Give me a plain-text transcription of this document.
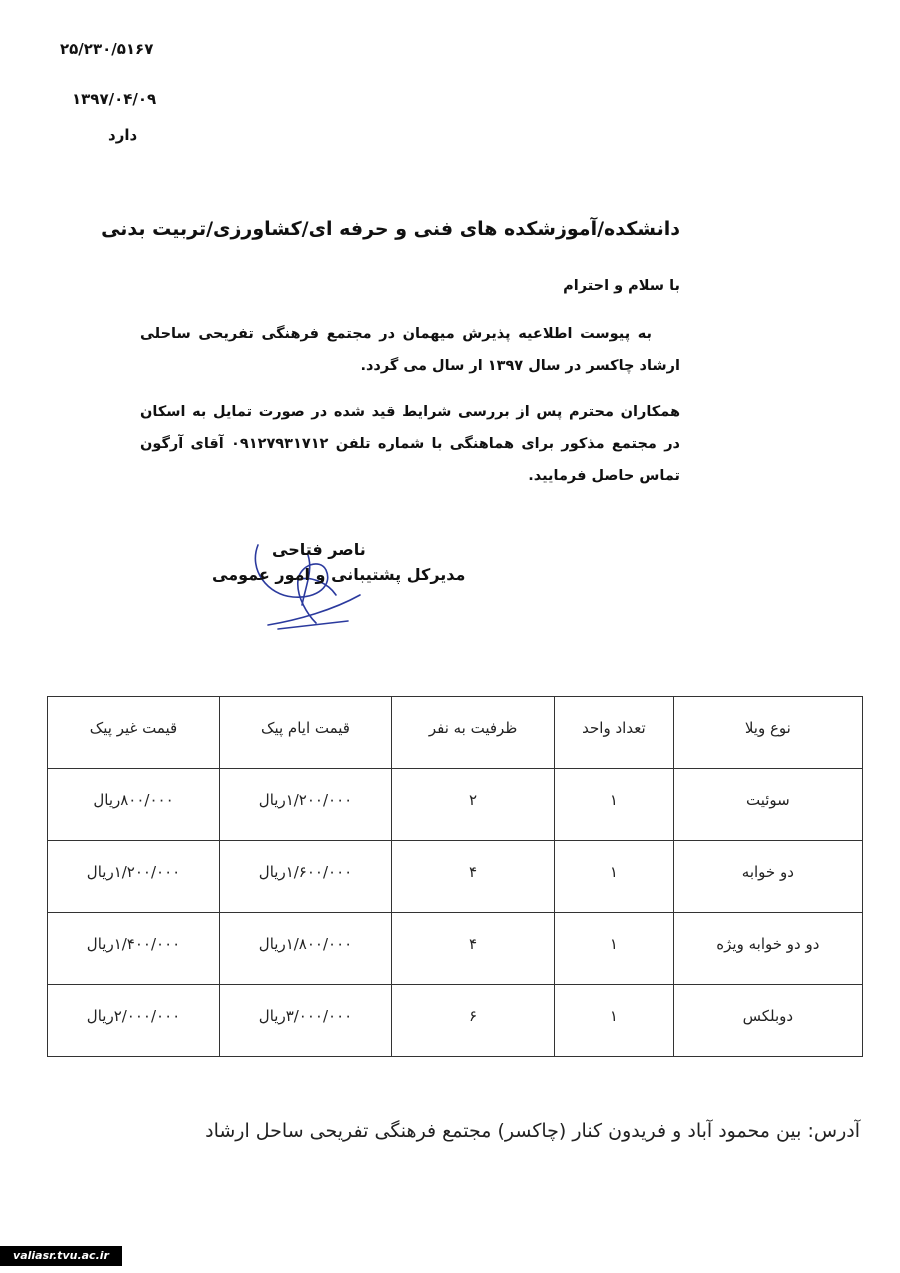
۲۵/۲۳۰/۵۱۶۷
۱۳۹۷/۰۴/۰۹
دارد
دانشکده/آموزشکده های فنی و حرفه ای/کشاورزی/تربیت بدنی
با سلام و احترام
به پیوست اطلاعیه پذیرش میهمان در مجتمع فرهنگی تفریحی ساحلی ارشاد چاکسر در سال ۱۳۹۷ ار سال می گردد.
همکاران محترم پس از بررسی شرایط قید شده در صورت تمایل به اسکان در مجتمع مذکور برای هماهنگی با شماره تلفن ۰۹۱۲۷۹۳۱۷۱۲ آقای آرگون تماس حاصل فرمایید.
ناصر فتاحی
مدیرکل پشتیبانی و امور عمومی
نوع ویلا	تعداد واحد	ظرفیت به نفر	قیمت ایام پیک	قیمت غیر پیک
سوئیت	۱	۲	۱/۲۰۰/۰۰۰ریال	۸۰۰/۰۰۰ریال
دو خوابه	۱	۴	۱/۶۰۰/۰۰۰ریال	۱/۲۰۰/۰۰۰ریال
دو دو خوابه ویژه	۱	۴	۱/۸۰۰/۰۰۰ریال	۱/۴۰۰/۰۰۰ریال
دوبلکس	۱	۶	۳/۰۰۰/۰۰۰ریال	۲/۰۰۰/۰۰۰ریال
آدرس: بین محمود آباد و فریدون کنار (چاکسر) مجتمع فرهنگی تفریحی ساحل ارشاد
valiasr.tvu.ac.ir
